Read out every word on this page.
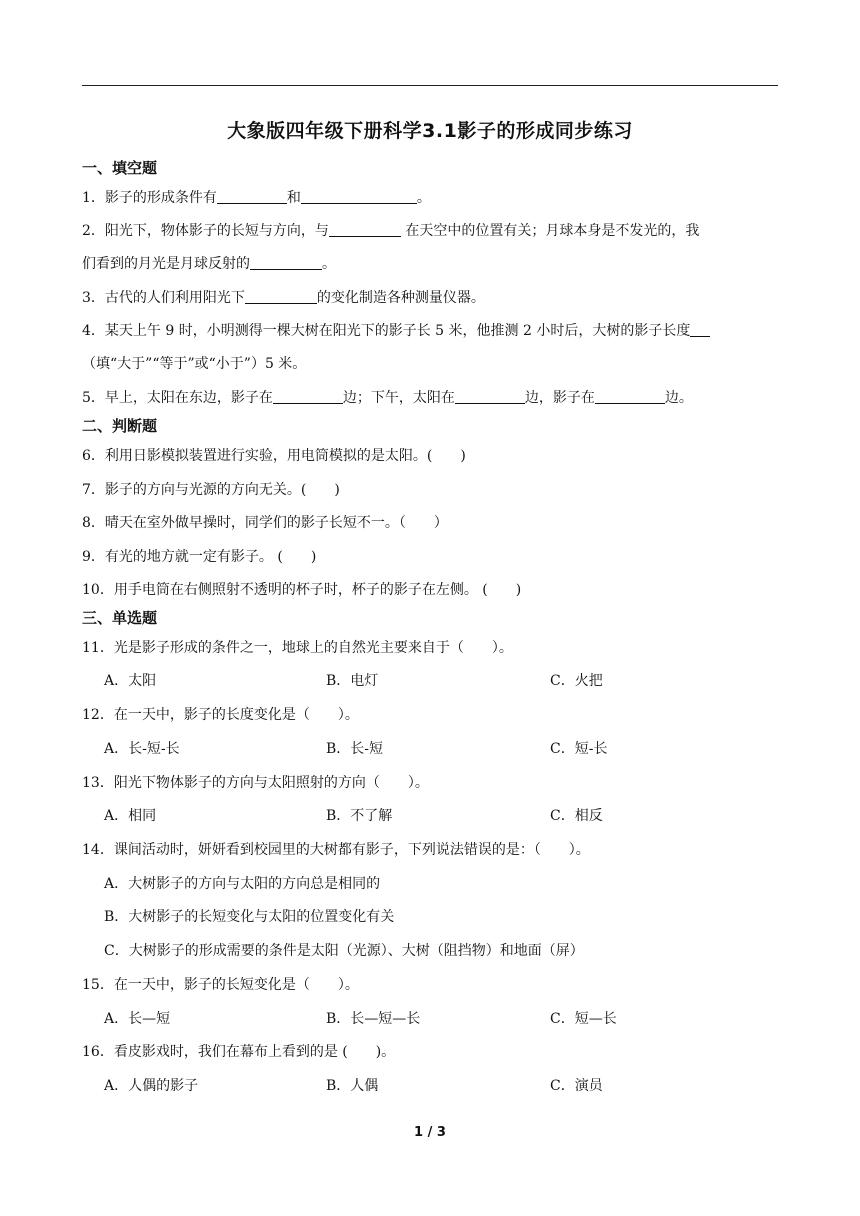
大象版四年级下册科学3.1影子的形成同步练习
一、填空题
1．影子的形成条件有	和	。
2．阳光下，物体影子的长短与方向，与	在天空中的位置有关；月球本身是不发光的，我
们看到的月光是月球反射的	。
3．古代的人们利用阳光下	的变化制造各种测量仪器。
4．某天上午 9 时，小明测得一棵大树在阳光下的影子长 5 米，他推测 2 小时后，大树的影子长度
（填“大于”“等于”或“小于”）5 米。
5．早上，太阳在东边，影子在	边；下午，太阳在	边，影子在	边。
二、判断题
6．利用日影模拟装置进行实验，用电筒模拟的是太阳。(　　)
7．影子的方向与光源的方向无关。(　　)
8．晴天在室外做早操时，同学们的影子长短不一。（　　）
9．有光的地方就一定有影子。 (　　)
10．用手电筒在右侧照射不透明的杯子时，杯子的影子在左侧。 (　　)
三、单选题
11．光是影子形成的条件之一，地球上的自然光主要来自于（　　）。
A．太阳	B．电灯	C．火把
12．在一天中，影子的长度变化是（　　）。
A．长-短-长	B．长-短	C．短-长
13．阳光下物体影子的方向与太阳照射的方向（　　）。
A．相同	B．不了解	C．相反
14．课间活动时，妍妍看到校园里的大树都有影子，下列说法错误的是：（　　）。
A．大树影子的方向与太阳的方向总是相同的
B．大树影子的长短变化与太阳的位置变化有关
C．大树影子的形成需要的条件是太阳（光源）、大树（阻挡物）和地面（屏）
15．在一天中，影子的长短变化是（　　）。
A．长—短	B．长—短—长	C．短—长
16．看皮影戏时，我们在幕布上看到的是 (　　)。
A．人偶的影子	B．人偶	C．演员
1 / 3
